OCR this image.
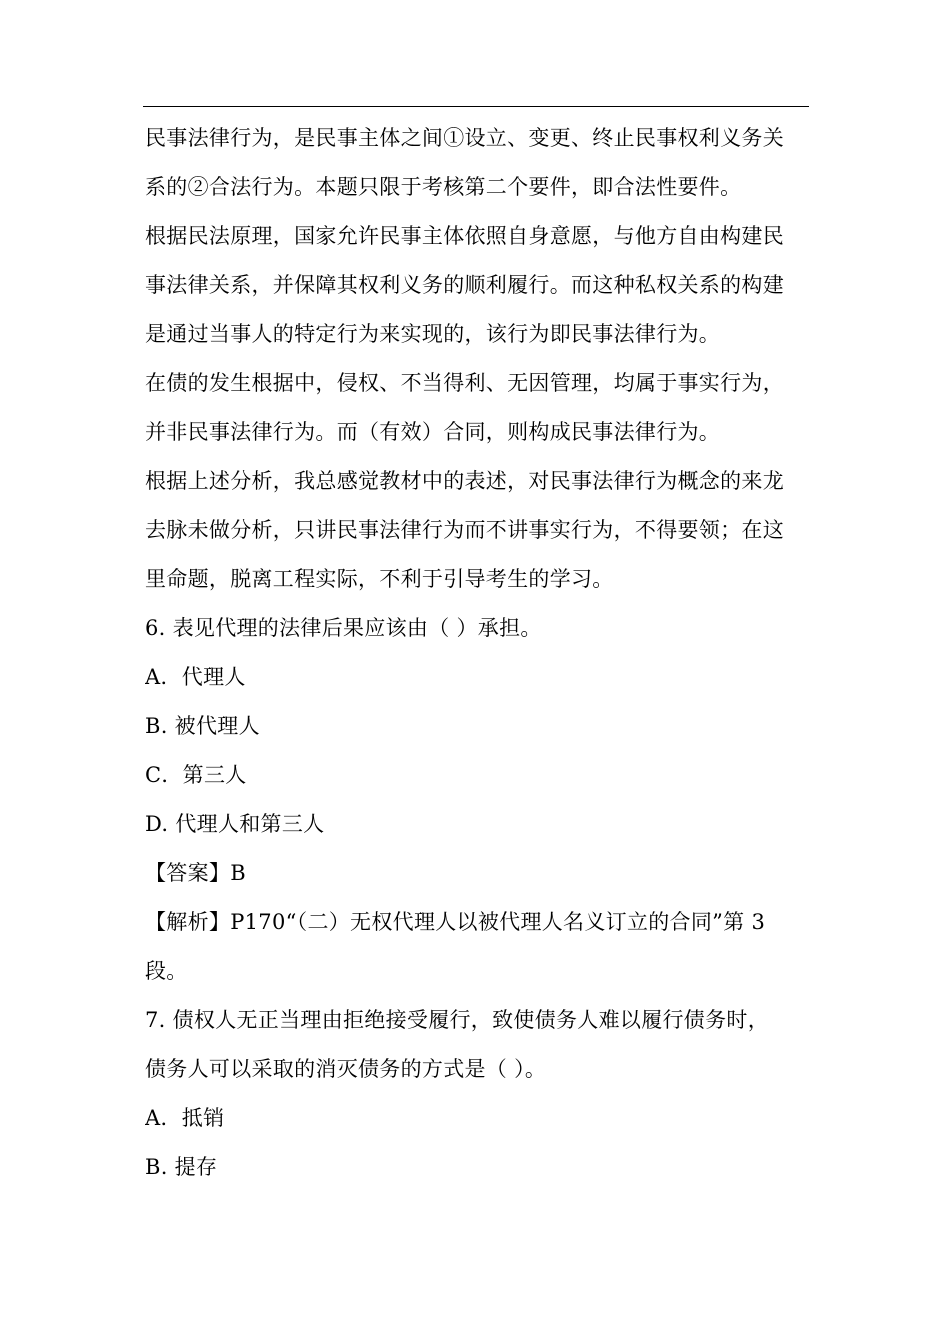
民事法律行为，是民事主体之间①设立、变更、终止民事权利义务关
系的②合法行为。本题只限于考核第二个要件，即合法性要件。
根据民法原理，国家允许民事主体依照自身意愿，与他方自由构建民
事法律关系，并保障其权利义务的顺利履行。而这种私权关系的构建
是通过当事人的特定行为来实现的，该行为即民事法律行为。
在债的发生根据中，侵权、不当得利、无因管理，均属于事实行为，
并非民事法律行为。而（有效）合同，则构成民事法律行为。
根据上述分析，我总感觉教材中的表述，对民事法律行为概念的来龙
去脉未做分析，只讲民事法律行为而不讲事实行为，不得要领；在这
里命题，脱离工程实际，不利于引导考生的学习。
6. 表见代理的法律后果应该由（ ）承担。
A．代理人
B. 被代理人
C．第三人
D. 代理人和第三人
【答案】B
【解析】P170“（二）无权代理人以被代理人名义订立的合同”第 3
段。
7. 债权人无正当理由拒绝接受履行，致使债务人难以履行债务时，
债务人可以采取的消灭债务的方式是（ ）。
A．抵销
B. 提存
